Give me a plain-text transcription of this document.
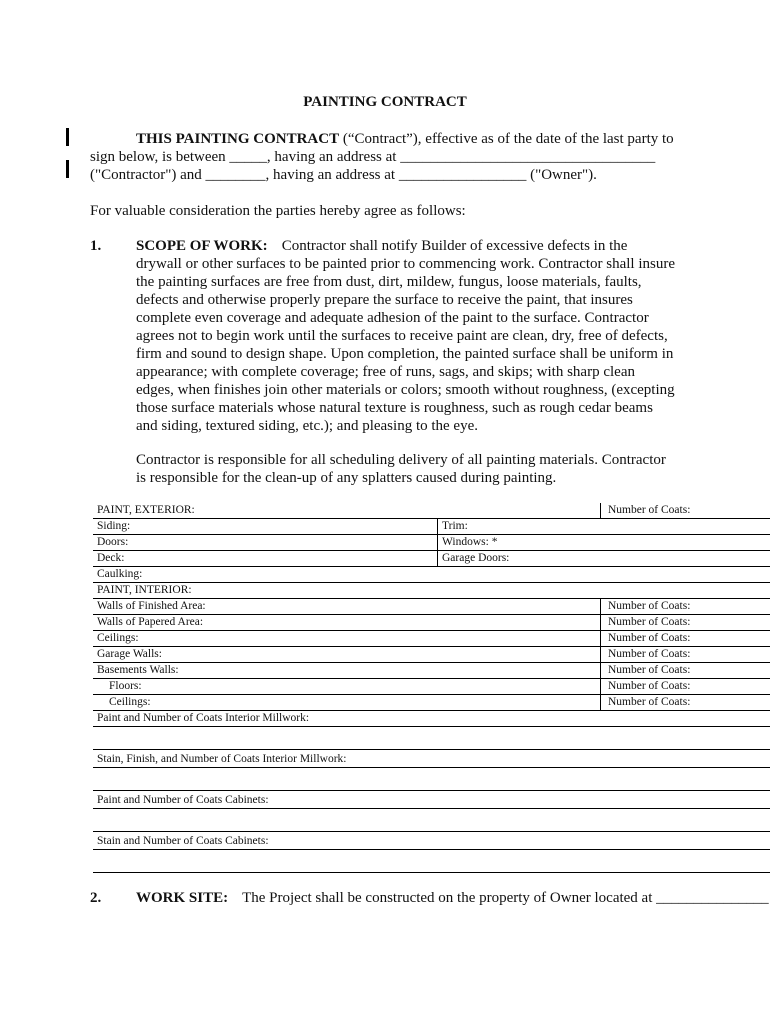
PAINTING CONTRACT
THIS PAINTING CONTRACT (“Contract”), effective as of the date of the last party to
sign below, is between _____, having an address at __________________________________
("Contractor") and ________, having an address at _________________ ("Owner").
For valuable consideration the parties hereby agree as follows:
1. SCOPE OF WORK: Contractor shall notify Builder of excessive defects in the
drywall or other surfaces to be painted prior to commencing work. Contractor shall insure
the painting surfaces are free from dust, dirt, mildew, fungus, loose materials, faults,
defects and otherwise properly prepare the surface to receive the paint, that insures
complete even coverage and adequate adhesion of the paint to the surface. Contractor
agrees not to begin work until the surfaces to receive paint are clean, dry, free of defects,
firm and sound to design shape. Upon completion, the painted surface shall be uniform in
appearance; with complete coverage; free of runs, sags, and skips; with sharp clean
edges, when finishes join other materials or colors; smooth without roughness, (excepting
those surface materials whose natural texture is roughness, such as rough cedar beams
and siding, textured siding, etc.); and pleasing to the eye.
Contractor is responsible for all scheduling delivery of all painting materials. Contractor
is responsible for the clean-up of any splatters caused during painting.
PAINT, EXTERIOR:	Number of Coats:
Siding:	Trim:
Doors:	Windows: *
Deck:	Garage Doors:
Caulking:
PAINT, INTERIOR:
Walls of Finished Area:	Number of Coats:
Walls of Papered Area:	Number of Coats:
Ceilings:	Number of Coats:
Garage Walls:	Number of Coats:
Basements Walls:	Number of Coats:
Floors:	Number of Coats:
Ceilings:	Number of Coats:
Paint and Number of Coats Interior Millwork:
Stain, Finish, and Number of Coats Interior Millwork:
Paint and Number of Coats Cabinets:
Stain and Number of Coats Cabinets:
2. WORK SITE: The Project shall be constructed on the property of Owner located at _______________
